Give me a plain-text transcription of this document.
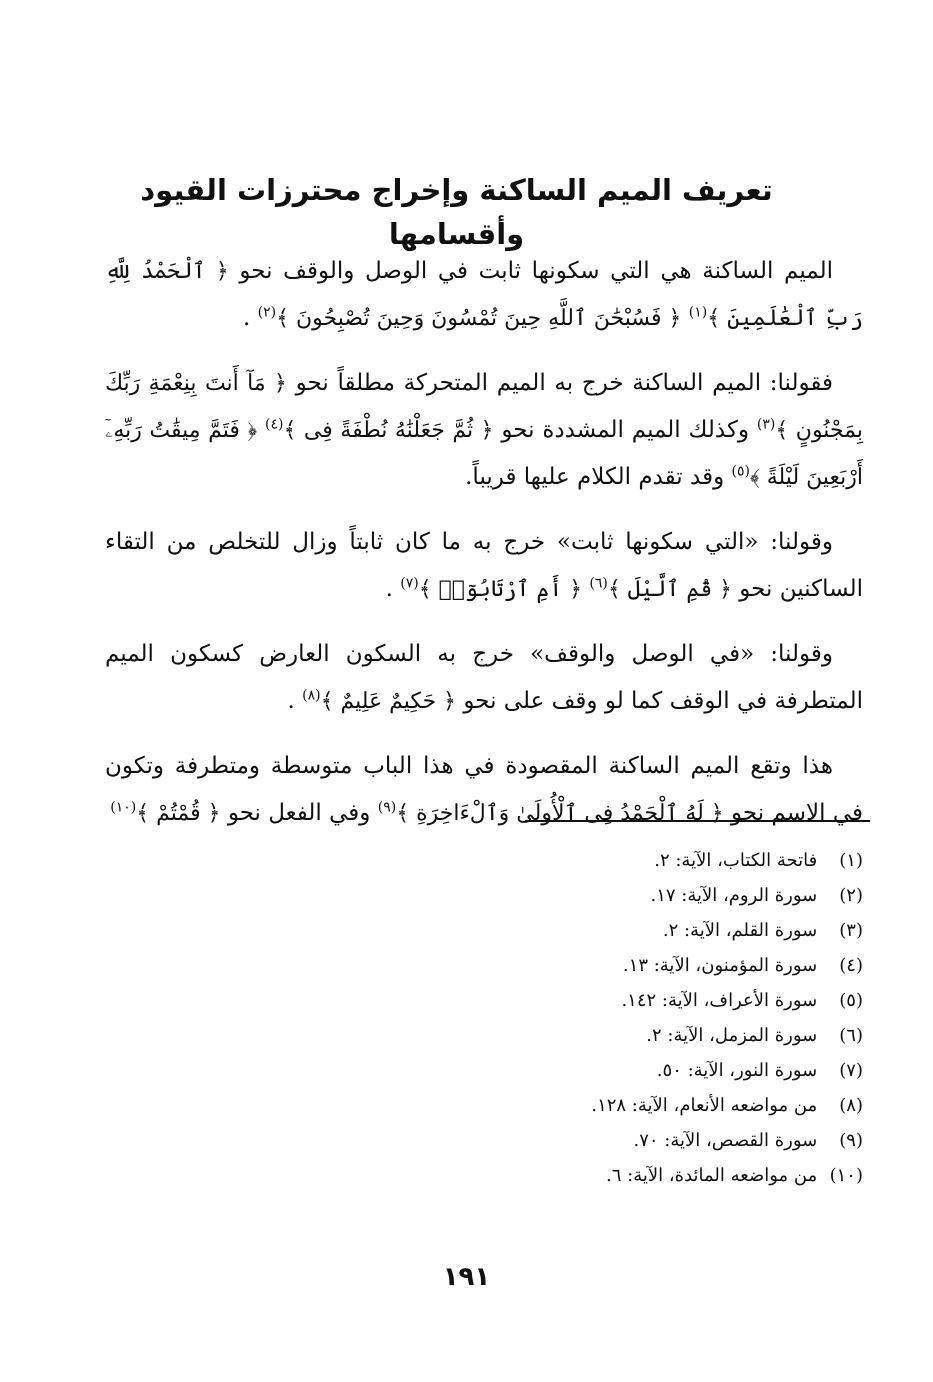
تعريف الميم الساكنة وإخراج محترزات القيود وأقسامها

الميم الساكنة هي التي سكونها ثابت في الوصل والوقف نحو ﴿ ٱلْحَمْدُ لِلَّهِ رَبِّ ٱلْعَٰلَمِينَ ﴾$^{(١)}$ ﴿ فَسُبْحَٰنَ ٱللَّهِ حِينَ تُمْسُونَ وَحِينَ تُصْبِحُونَ ﴾$^{(٢)}$ .

فقولنا: الميم الساكنة خرج به الميم المتحركة مطلقاً نحو ﴿ مَآ أَنتَ بِنِعْمَةِ رَبِّكَ بِمَجْنُونٍ ﴾$^{(٣)}$ وكذلك الميم المشددة نحو ﴿ ثُمَّ جَعَلْنَٰهُ نُطْفَةً فِى ﴾$^{(٤)}$ ﴿ فَتَمَّ مِيقَٰتُ رَبِّهِۦٓ أَرْبَعِينَ لَيْلَةً ﴾$^{(٥)}$ وقد تقدم الكلام عليها قريباً.

وقولنا: «التي سكونها ثابت» خرج به ما كان ثابتاً وزال للتخلص من التقاء الساكنين نحو ﴿ قُمِ ٱلَّيْلَ ﴾$^{(٦)}$ ﴿ أَمِ ٱرْتَابُوٓا۟ ﴾$^{(٧)}$ .

وقولنا: «في الوصل والوقف» خرج به السكون العارض كسكون الميم المتطرفة في الوقف كما لو وقف على نحو ﴿ حَكِيمٌ عَلِيمٌ ﴾$^{(٨)}$ .

هذا وتقع الميم الساكنة المقصودة في هذا الباب متوسطة ومتطرفة وتكون في الاسم نحو ﴿ لَهُ ٱلْحَمْدُ فِى ٱلْأُولَىٰ وَٱلْءَاخِرَةِ ﴾$^{(٩)}$ وفي الفعل نحو ﴿ قُمْتُمْ ﴾$^{(١٠)}$

(١) فاتحة الكتاب، الآية: ٢.
(٢) سورة الروم، الآية: ١٧.
(٣) سورة القلم، الآية: ٢.
(٤) سورة المؤمنون، الآية: ١٣.
(٥) سورة الأعراف، الآية: ١٤٢.
(٦) سورة المزمل، الآية: ٢.
(٧) سورة النور، الآية: ٥٠.
(٨) من مواضعه الأنعام، الآية: ١٢٨.
(٩) سورة القصص، الآية: ٧٠.
(١٠) من مواضعه المائدة، الآية: ٦.
١٩١
